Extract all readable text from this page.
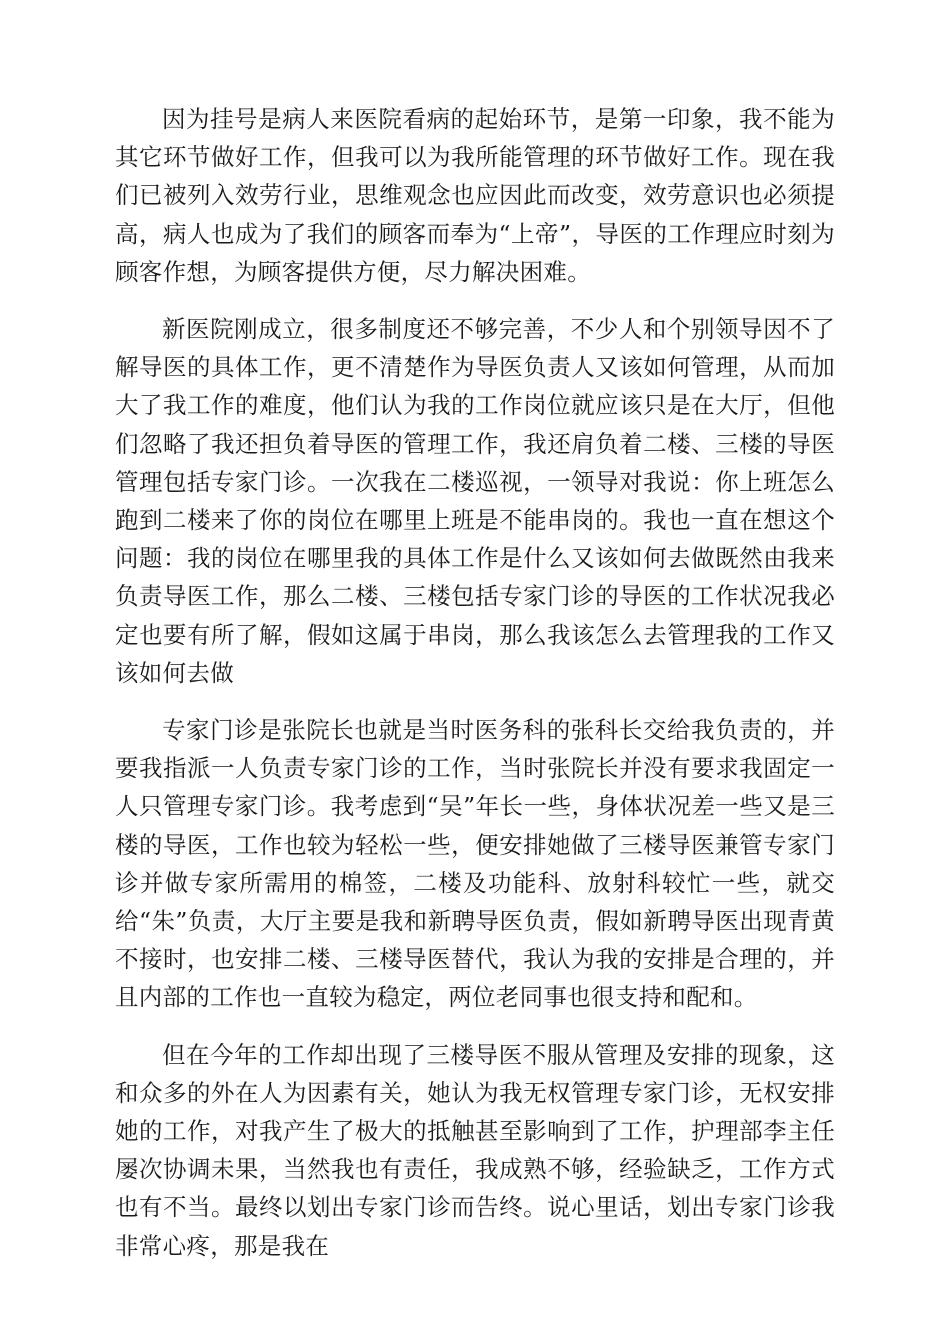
因为挂号是病人来医院看病的起始环节，是第一印象，我不能为其它环节做好工作，但我可以为我所能管理的环节做好工作。现在我们已被列入效劳行业，思维观念也应因此而改变，效劳意识也必须提高，病人也成为了我们的顾客而奉为“上帝”，导医的工作理应时刻为顾客作想，为顾客提供方便，尽力解决困难。

新医院刚成立，很多制度还不够完善，不少人和个别领导因不了解导医的具体工作，更不清楚作为导医负责人又该如何管理，从而加大了我工作的难度，他们认为我的工作岗位就应该只是在大厅，但他们忽略了我还担负着导医的管理工作，我还肩负着二楼、三楼的导医管理包括专家门诊。一次我在二楼巡视，一领导对我说：你上班怎么跑到二楼来了你的岗位在哪里上班是不能串岗的。我也一直在想这个问题：我的岗位在哪里我的具体工作是什么又该如何去做既然由我来负责导医工作，那么二楼、三楼包括专家门诊的导医的工作状况我必定也要有所了解，假如这属于串岗，那么我该怎么去管理我的工作又该如何去做

专家门诊是张院长也就是当时医务科的张科长交给我负责的，并要我指派一人负责专家门诊的工作，当时张院长并没有要求我固定一人只管理专家门诊。我考虑到“吴”年长一些，身体状况差一些又是三楼的导医，工作也较为轻松一些，便安排她做了三楼导医兼管专家门诊并做专家所需用的棉签，二楼及功能科、放射科较忙一些，就交给“朱”负责，大厅主要是我和新聘导医负责，假如新聘导医出现青黄不接时，也安排二楼、三楼导医替代，我认为我的安排是合理的，并且内部的工作也一直较为稳定，两位老同事也很支持和配和。

但在今年的工作却出现了三楼导医不服从管理及安排的现象，这和众多的外在人为因素有关，她认为我无权管理专家门诊，无权安排她的工作，对我产生了极大的抵触甚至影响到了工作，护理部李主任屡次协调未果，当然我也有责任，我成熟不够，经验缺乏，工作方式也有不当。最终以划出专家门诊而告终。说心里话，划出专家门诊我非常心疼，那是我在
